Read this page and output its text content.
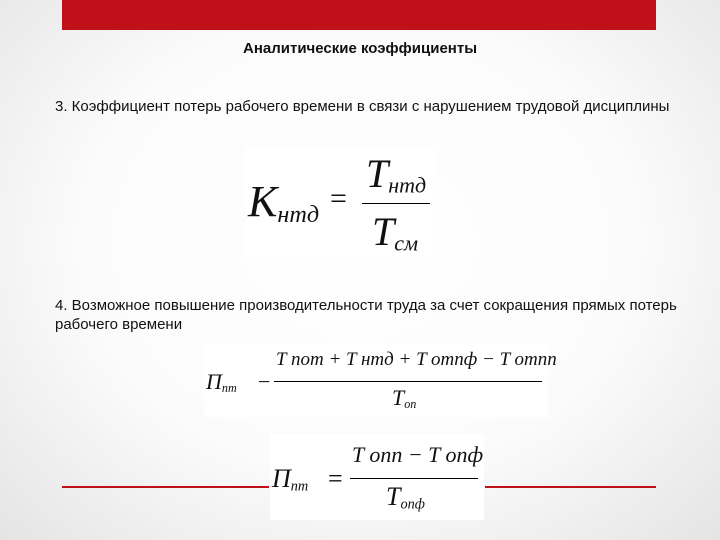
Аналитические коэффициенты
3. Коэффициент потерь рабочего времени в связи с нарушением трудовой дисциплины
$K_{нтд}$ =
$T_{нтд}$
$T_{см}$
4. Возможное повышение производительности труда за счет сокращения прямых потерь рабочего времени
$П_{пт}$ −
T пот + T нтд + T отпф − T отпп
$T_{оп}$
$П_{пт}$ =
T опп − T опф
$T_{опф}$
